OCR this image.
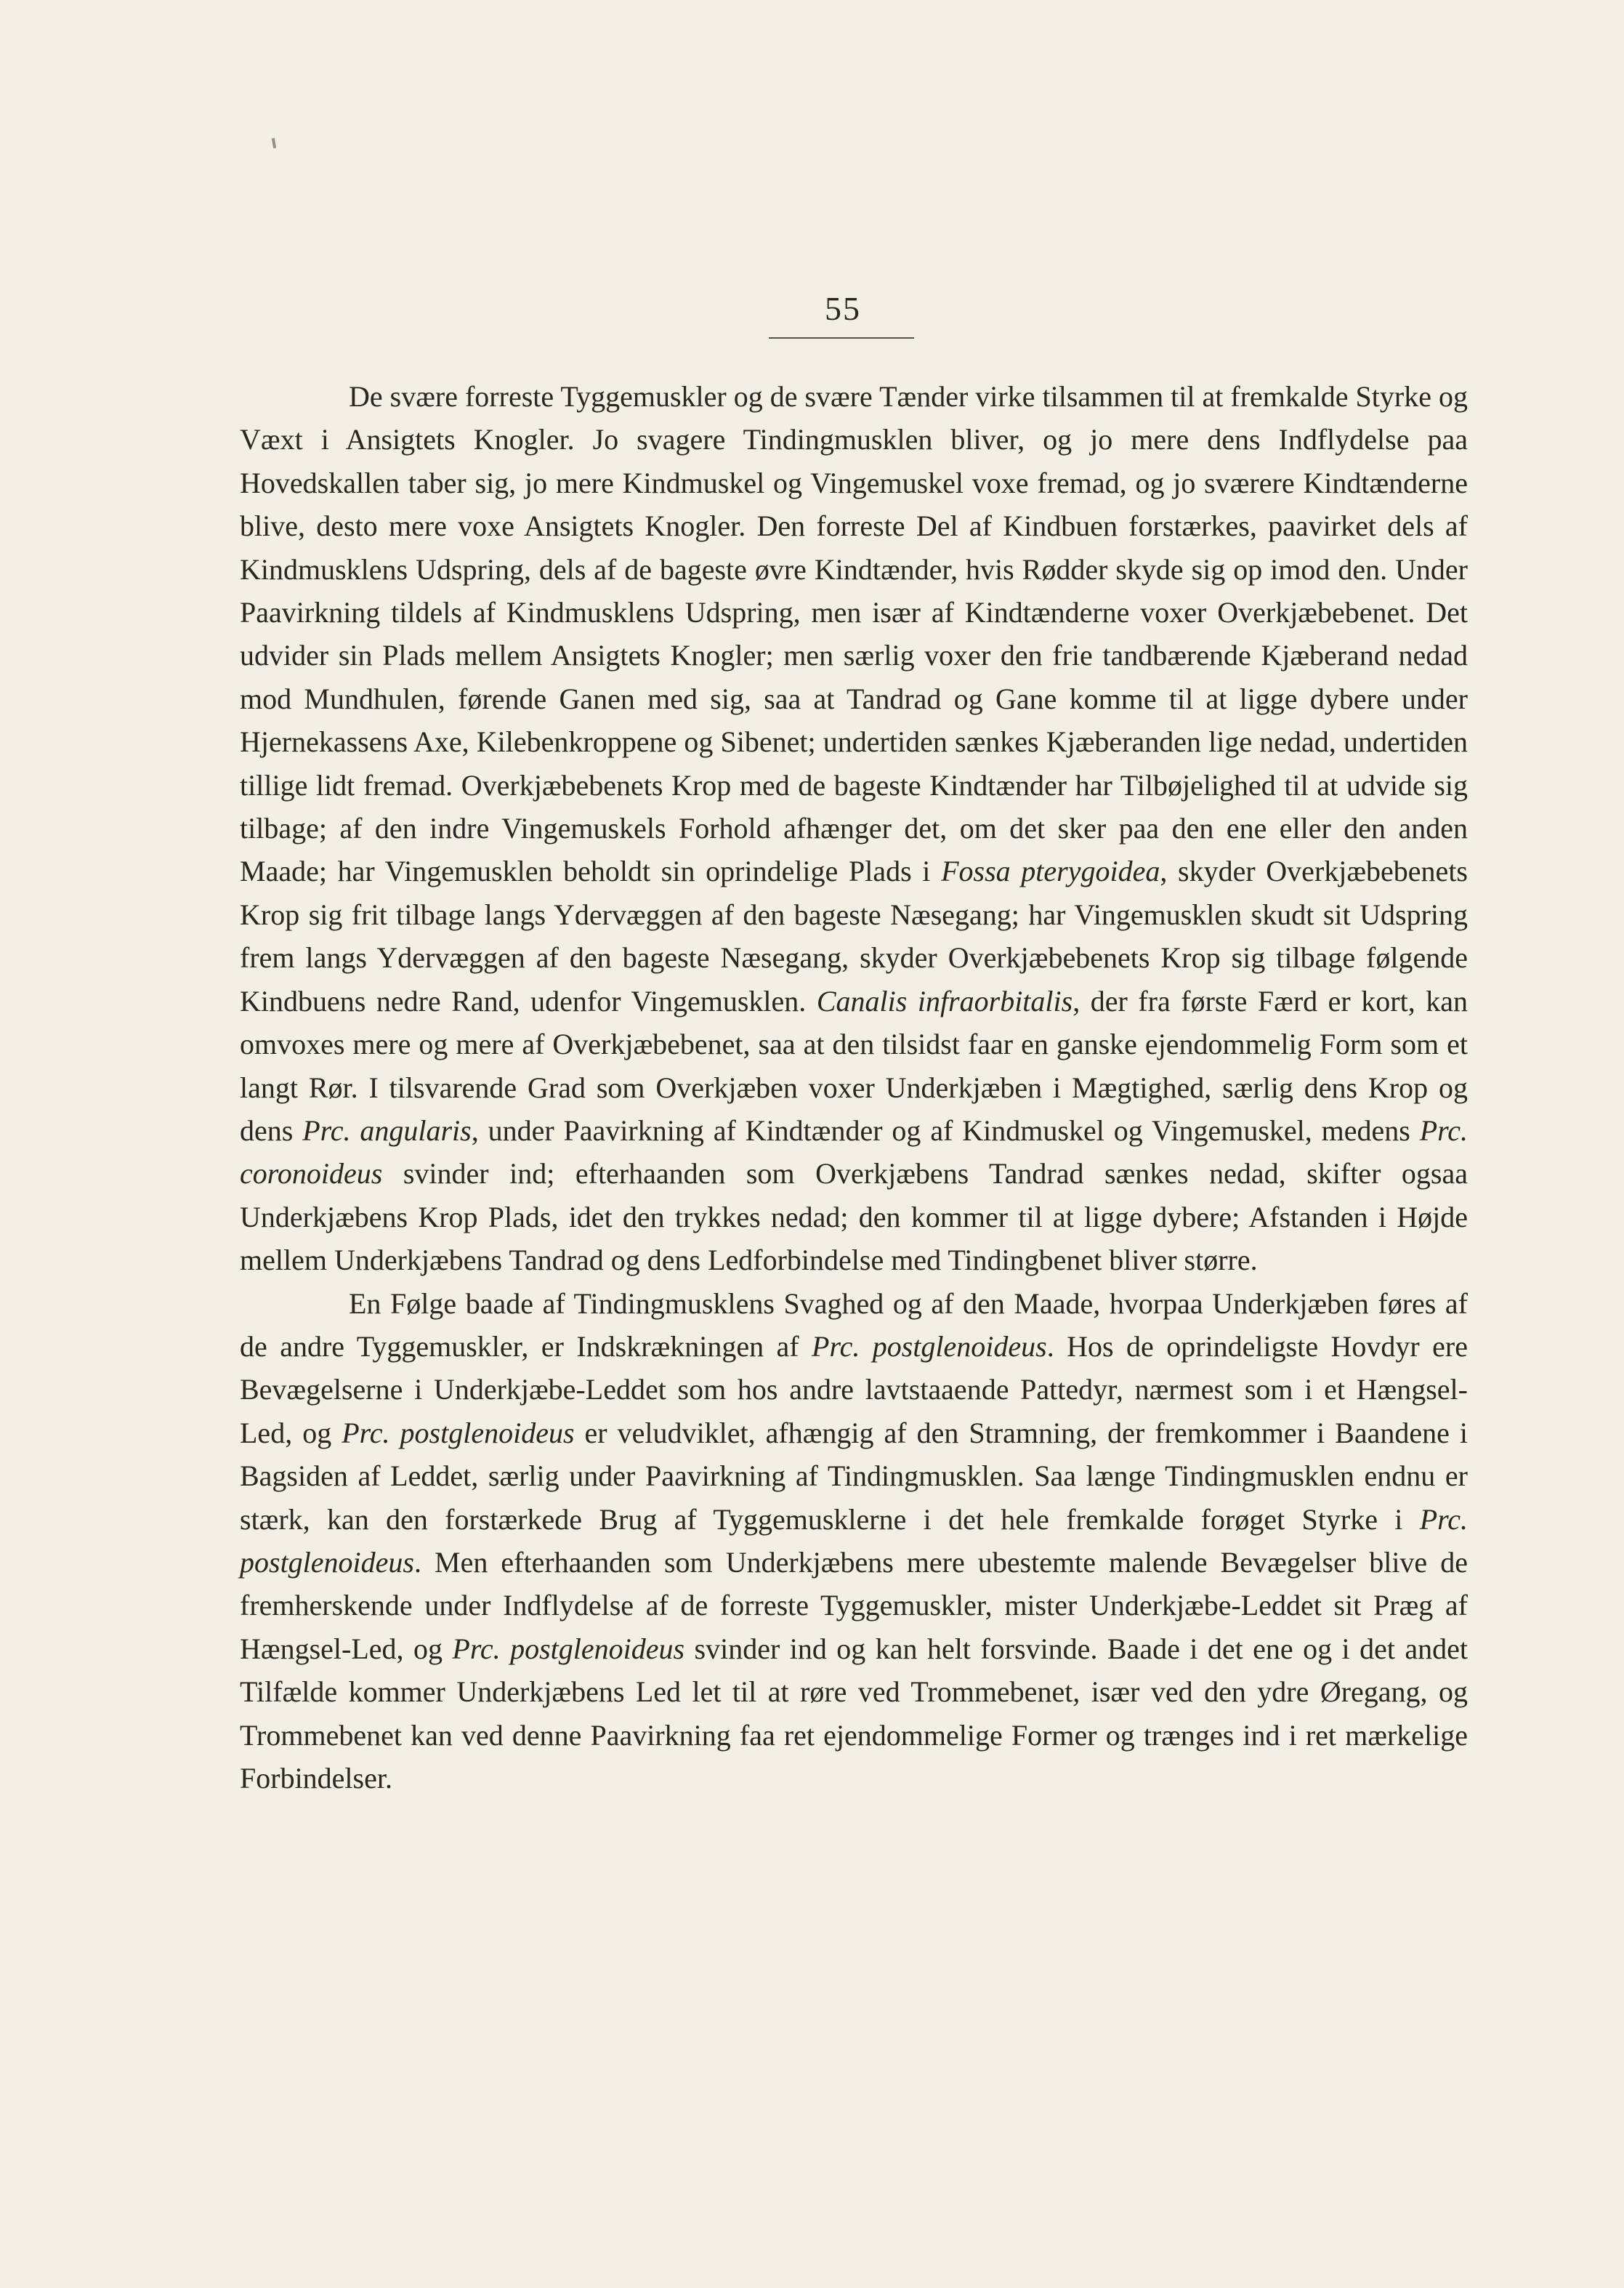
55

De svære forreste Tyggemuskler og de svære Tænder virke tilsammen til at fremkalde Styrke og Væxt i Ansigtets Knogler. Jo svagere Tindingmusklen bliver, og jo mere dens Indflydelse paa Hovedskallen taber sig, jo mere Kindmuskel og Vingemuskel voxe fremad, og jo sværere Kindtænderne blive, desto mere voxe Ansigtets Knogler. Den forreste Del af Kindbuen forstærkes, paavirket dels af Kindmusklens Udspring, dels af de bageste øvre Kindtænder, hvis Rødder skyde sig op imod den. Under Paavirkning tildels af Kindmusklens Udspring, men især af Kindtænderne voxer Overkjæbebenet. Det udvider sin Plads mellem Ansigtets Knogler; men særlig voxer den frie tandbærende Kjæberand nedad mod Mundhulen, førende Ganen med sig, saa at Tandrad og Gane komme til at ligge dybere under Hjernekassens Axe, Kilebenkroppene og Sibenet; undertiden sænkes Kjæberanden lige nedad, undertiden tillige lidt fremad. Overkjæbebenets Krop med de bageste Kindtænder har Tilbøjelighed til at udvide sig tilbage; af den indre Vingemuskels Forhold afhænger det, om det sker paa den ene eller den anden Maade; har Vingemusklen beholdt sin oprindelige Plads i Fossa pterygoidea, skyder Overkjæbebenets Krop sig frit tilbage langs Ydervæggen af den bageste Næsegang; har Vingemusklen skudt sit Udspring frem langs Ydervæggen af den bageste Næsegang, skyder Overkjæbebenets Krop sig tilbage følgende Kindbuens nedre Rand, udenfor Vingemusklen. Canalis infraorbitalis, der fra første Færd er kort, kan omvoxes mere og mere af Overkjæbebenet, saa at den tilsidst faar en ganske ejendommelig Form som et langt Rør. I tilsvarende Grad som Overkjæben voxer Underkjæben i Mægtighed, særlig dens Krop og dens Prc. angularis, under Paavirkning af Kindtænder og af Kindmuskel og Vingemuskel, medens Prc. coronoideus svinder ind; efterhaanden som Overkjæbens Tandrad sænkes nedad, skifter ogsaa Underkjæbens Krop Plads, idet den trykkes nedad; den kommer til at ligge dybere; Afstanden i Højde mellem Underkjæbens Tandrad og dens Ledforbindelse med Tindingbenet bliver større.

En Følge baade af Tindingmusklens Svaghed og af den Maade, hvorpaa Underkjæben føres af de andre Tyggemuskler, er Indskrækningen af Prc. postglenoideus. Hos de oprindeligste Hovdyr ere Bevægelserne i Underkjæbe-Leddet som hos andre lavtstaaende Pattedyr, nærmest som i et Hængsel-Led, og Prc. postglenoideus er veludviklet, afhængig af den Stramning, der fremkommer i Baandene i Bagsiden af Leddet, særlig under Paavirkning af Tindingmusklen. Saa længe Tindingmusklen endnu er stærk, kan den forstærkede Brug af Tyggemusklerne i det hele fremkalde forøget Styrke i Prc. postglenoideus. Men efterhaanden som Underkjæbens mere ubestemte malende Bevægelser blive de fremherskende under Indflydelse af de forreste Tyggemuskler, mister Underkjæbe-Leddet sit Præg af Hængsel-Led, og Prc. postglenoideus svinder ind og kan helt forsvinde. Baade i det ene og i det andet Tilfælde kommer Underkjæbens Led let til at røre ved Trommebenet, især ved den ydre Øregang, og Trommebenet kan ved denne Paavirkning faa ret ejendommelige Former og trænges ind i ret mærkelige Forbindelser.
